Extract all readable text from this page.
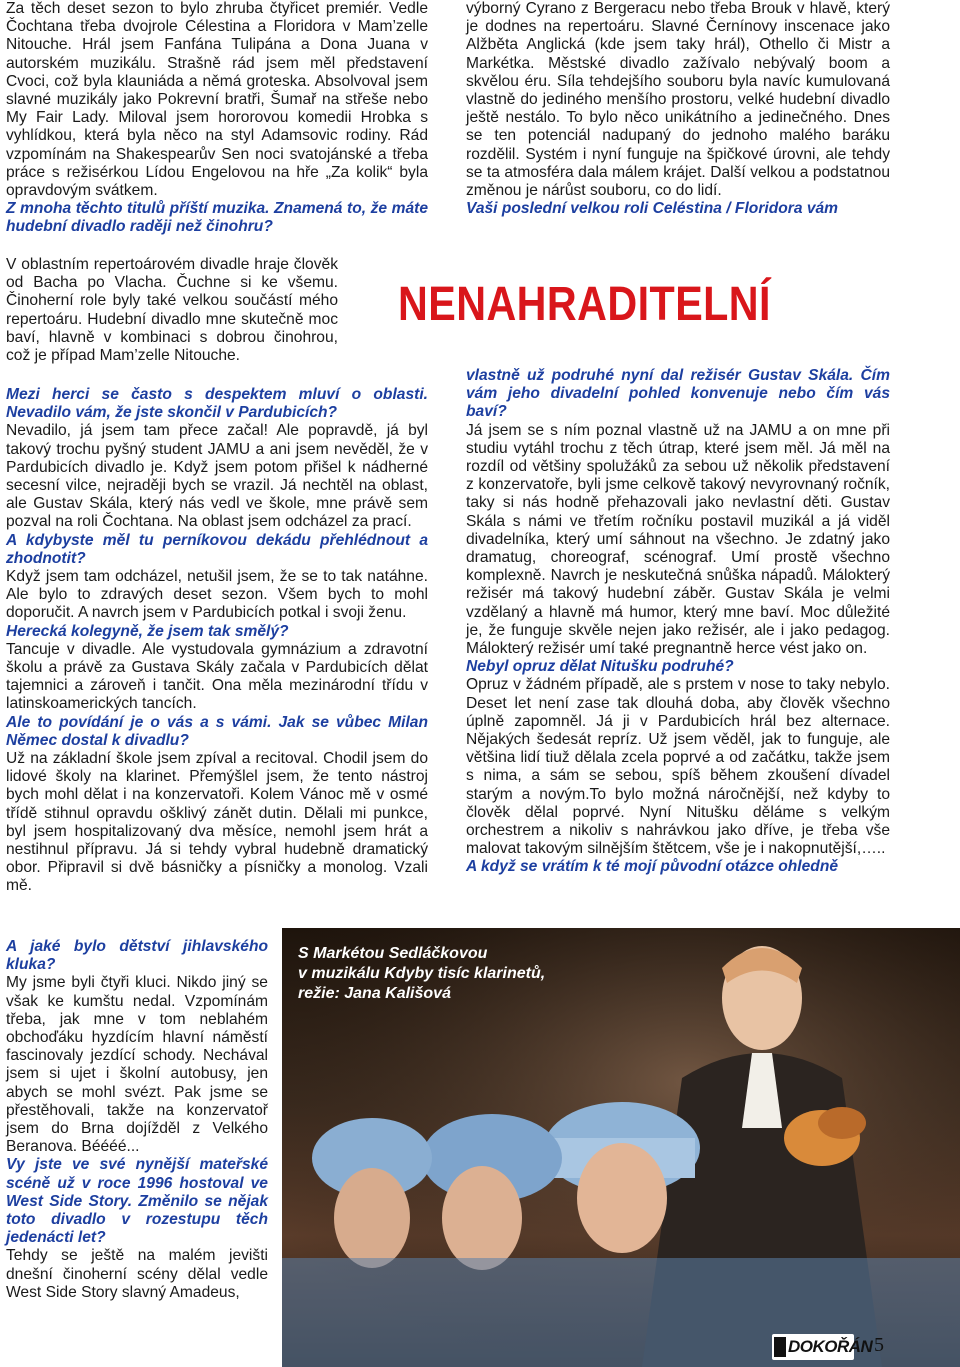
Za těch deset sezon to bylo zhruba čtyřicet premiér. Vedle Čochtana třeba dvojrole Célestina a Floridora v Mam’zelle Nitouche. Hrál jsem Fanfána Tulipána a Dona Juana v autorském muzikálu. Strašně rád jsem měl představení Cvoci, což byla klauniáda a němá groteska. Absolvoval jsem slavné muzikály jako Pokrevní bratři, Šumař na střeše nebo My Fair Lady. Miloval jsem hororovou komedii Hrobka s vyhlídkou, která byla něco na styl Adamsovic rodiny. Rád vzpomínám na Shakespearův Sen noci svatojánské a třeba práce s režisérkou Lídou Engelovou na hře „Za kolik“ byla opravdovým svátkem.

Z mnoha těchto titulů příští muzika. Znamená to, že máte hudební divadlo raději než činohru?

V oblastním repertoárovém divadle hraje člověk od Bacha po Vlacha. Čuchne si ke všemu. Činoherní role byly také velkou součástí mého repertoáru. Hudební divadlo mne skutečně moc baví, hlavně v kombinaci s dobrou činohrou, což je případ Mam’zelle Nitouche.

Mezi herci se často s despektem mluví o oblasti. Nevadilo vám, že jste skončil v Pardubicích?

Nevadilo, já jsem tam přece začal! Ale popravdě, já byl takový trochu pyšný student JAMU a ani jsem nevěděl, že v Pardubicích divadlo je. Když jsem potom přišel k nádherné secesní vilce, nejraději bych se vrazil. Já nechtěl na oblast, ale Gustav Skála, který nás vedl ve škole, mne právě sem pozval na roli Čochtana. Na oblast jsem odcházel za prací.

A kdybyste měl tu perníkovou dekádu přehlédnout a zhodnotit?

Když jsem tam odcházel, netušil jsem, že se to tak natáhne. Ale bylo to zdravých deset sezon. Všem bych to mohl doporučit. A navrch jsem v Pardubicích potkal i svoji ženu.

Herecká kolegyně, že jsem tak smělý?

Tancuje v divadle. Ale vystudovala gymnázium a zdravotní školu a právě za Gustava Skály začala v Pardubicích dělat tajemnici a zároveň i tančit. Ona měla mezinárodní třídu v latinskoamerických tancích.

Ale to povídání je o vás a s vámi. Jak se vůbec Milan Němec dostal k divadlu?

Už na základní škole jsem zpíval a recitoval. Chodil jsem do lidové školy na klarinet. Přemýšlel jsem, že tento nástroj bych mohl dělat i na konzervatoři. Kolem Vánoc mě v osmé třídě stihnul opravdu ošklivý zánět dutin. Dělali mi punkce, byl jsem hospitalizovaný dva měsíce, nemohl jsem hrát a nestihnul přípravu. Já si tehdy vybral hudebně dramatický obor. Připravil si dvě básničky a písničky a monolog. Vzali mě.

A jaké bylo dětství jihlavského kluka?

My jsme byli čtyři kluci. Nikdo jiný se však ke kumštu nedal. Vzpomínám třeba, jak mne v tom neblahém obchoďáku hyzdícím hlavní náměstí fascinovaly jezdící schody. Nechával jsem si ujet i školní autobusy, jen abych se mohl svézt. Pak jsme se přestěhovali, takže na konzervatoř jsem do Brna dojížděl z Velkého Beranova. Béééé...

Vy jste ve své nynější mateřské scéně už v roce 1996 hostoval ve West Side Story. Změnilo se nějak toto divadlo v rozestupu těch jedenácti let?

Tehdy se ještě na malém jevišti dnešní činoherní scény dělal vedle West Side Story slavný Amadeus,

výborný Cyrano z Bergeracu nebo třeba Brouk v hlavě, který je dodnes na repertoáru. Slavné Černínovy inscenace jako Alžběta Anglická (kde jsem taky hrál), Othello či Mistr a Markétka. Městské divadlo zažívalo nebývalý boom a skvělou éru. Síla tehdejšího souboru byla navíc kumulovaná vlastně do jediného menšího prostoru, velké hudební divadlo ještě nestálo. To bylo něco unikátního a jedinečného. Dnes se ten potenciál nadupaný do jednoho malého baráku rozdělil. Systém i nyní funguje na špičkové úrovni, ale tehdy se ta atmosféra dala málem krájet. Další velkou a podstatnou změnou je nárůst souboru, co do lidí.

Vaši poslední velkou roli Celéstina / Floridora vám

NENAHRADITELNÍ

vlastně už podruhé nyní dal režisér Gustav Skála. Čím vám jeho divadelní pohled konvenuje nebo čím vás baví?

Já jsem se s ním poznal vlastně už na JAMU a on mne při studiu vytáhl trochu z těch útrap, které jsem měl. Já měl na rozdíl od většiny spolužáků za sebou už několik představení z konzervatoře, byli jsme celkově takový nevyrovnaný ročník, taky si nás hodně přehazovali jako nevlastní děti. Gustav Skála s námi ve třetím ročníku postavil muzikál a já viděl divadelníka, který umí sáhnout na všechno. Je zdatný jako dramatug, choreograf, scénograf. Umí prostě všechno komplexně. Navrch je neskutečná snůška nápadů. Málokterý režisér má takový hudební záběr. Gustav Skála je velmi vzdělaný a hlavně má humor, který mne baví. Moc důležité je, že funguje skvěle nejen jako režisér, ale i jako pedagog. Málokterý režisér umí také pregnantně herce vést jako on.

Nebyl opruz dělat Nitušku podruhé?

Opruz v žádném případě, ale s prstem v nose to taky nebylo. Deset let není zase tak dlouhá doba, aby člověk všechno úplně zapomněl. Já ji v Pardubicích hrál bez alternace. Nějakých šedesát repríz. Už jsem věděl, jak to funguje, ale většina lidí tiuž dělala zcela poprvé a od začátku, takže jsem s nima, a sám se sebou, spíš během zkoušení dívadel starým a novým.To bylo možná náročnější, než kdyby to člověk dělal poprvé. Nyní Nitušku děláme s velkým orchestrem a nikoliv s nahrávkou jako dříve, je třeba vše malovat takovým silnějším štětcem, vše je i nakopnutější,…..

A když se vrátím k té mojí původní otázce ohledně

S Markétou Sedláčkovou

v muzikálu Kdyby tisíc klarinetů,

režie: Jana Kališová

DOKOŘÁN 5
